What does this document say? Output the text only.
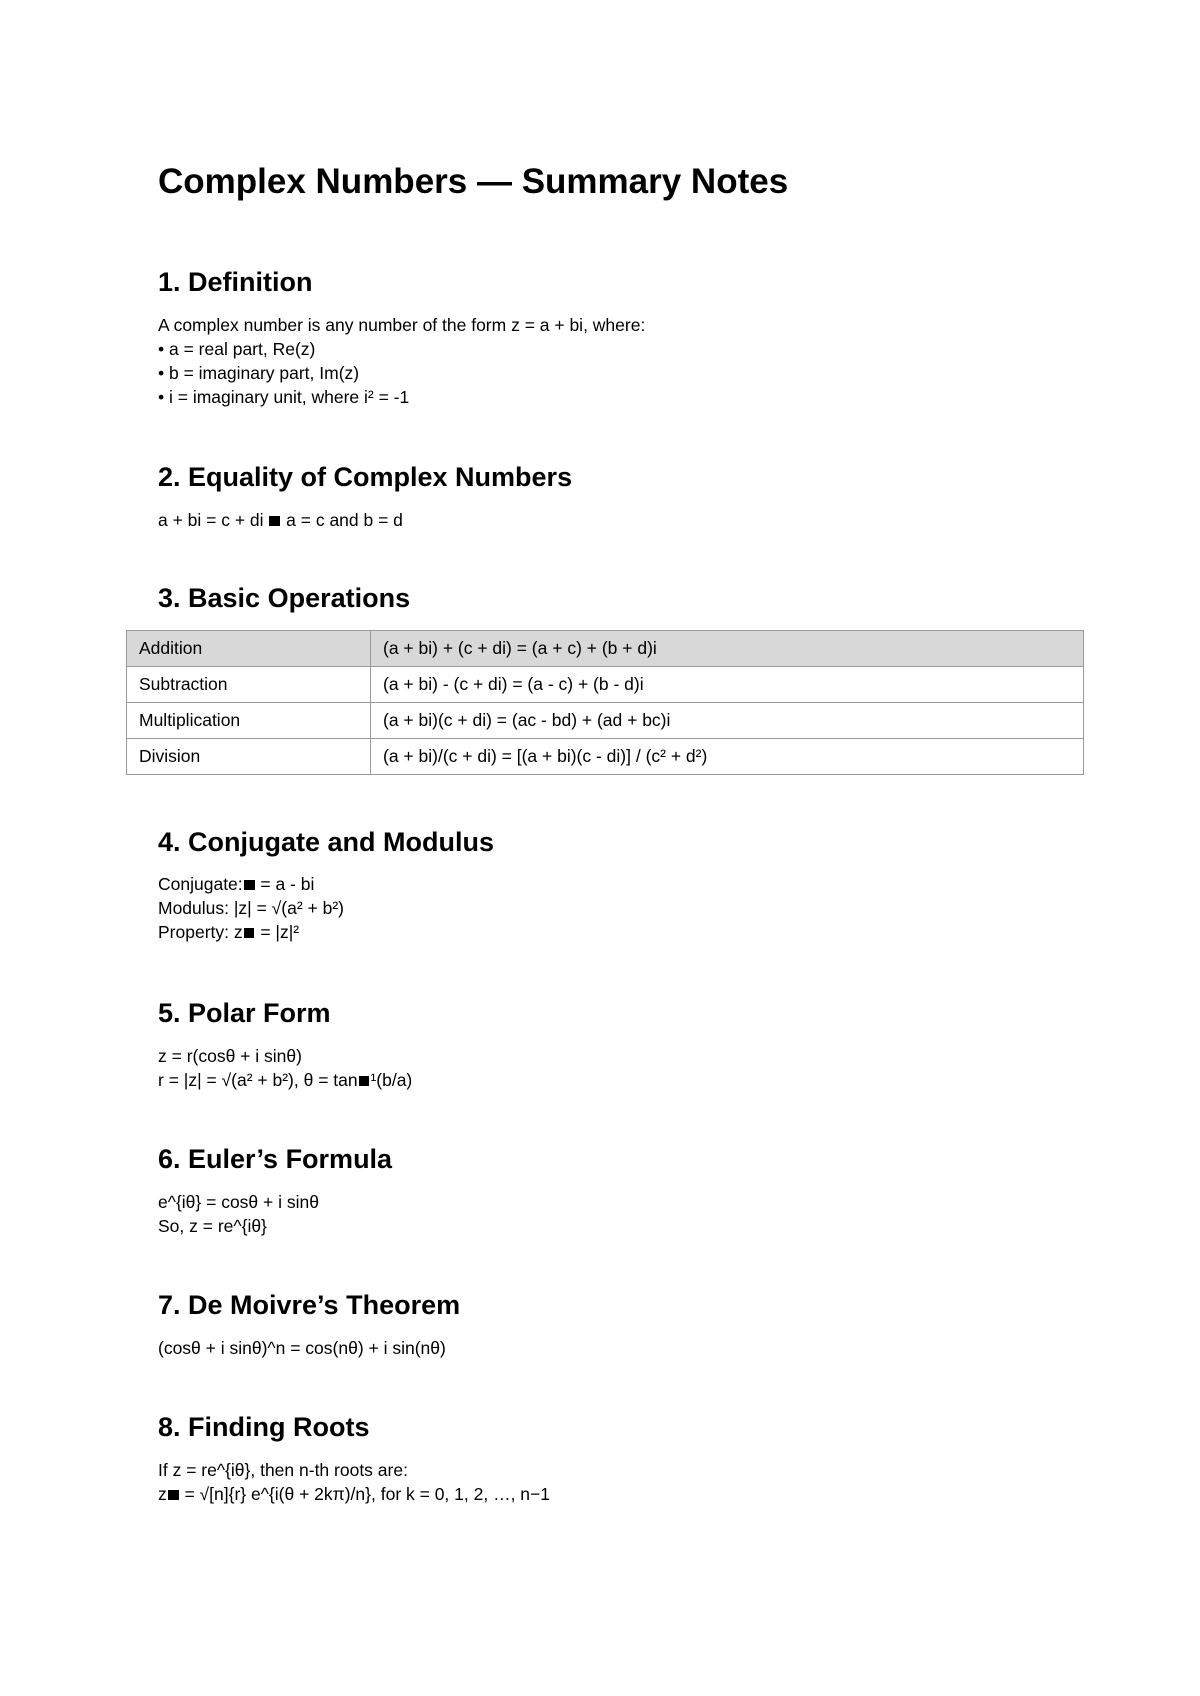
Complex Numbers — Summary Notes
1. Definition
A complex number is any number of the form z = a + bi, where:
• a = real part, Re(z)
• b = imaginary part, Im(z)
• i = imaginary unit, where i² = -1
2. Equality of Complex Numbers
a + bi = c + di a = c and b = d
3. Basic Operations
Addition	(a + bi) + (c + di) = (a + c) + (b + d)i
Subtraction	(a + bi) - (c + di) = (a - c) + (b - d)i
Multiplication	(a + bi)(c + di) = (ac - bd) + (ad + bc)i
Division	(a + bi)/(c + di) = [(a + bi)(c - di)] / (c² + d²)
4. Conjugate and Modulus
Conjugate: = a - bi
Modulus: |z| = √(a² + b²)
Property: z = |z|²
5. Polar Form
z = r(cosθ + i sinθ)
r = |z| = √(a² + b²), θ = tan ¹(b/a)
6. Euler’s Formula
e^{iθ} = cosθ + i sinθ
So, z = re^{iθ}
7. De Moivre’s Theorem
(cosθ + i sinθ)^n = cos(nθ) + i sin(nθ)
8. Finding Roots
If z = re^{iθ}, then n-th roots are:
z = √[n]{r} e^{i(θ + 2kπ)/n}, for k = 0, 1, 2, …, n−1
